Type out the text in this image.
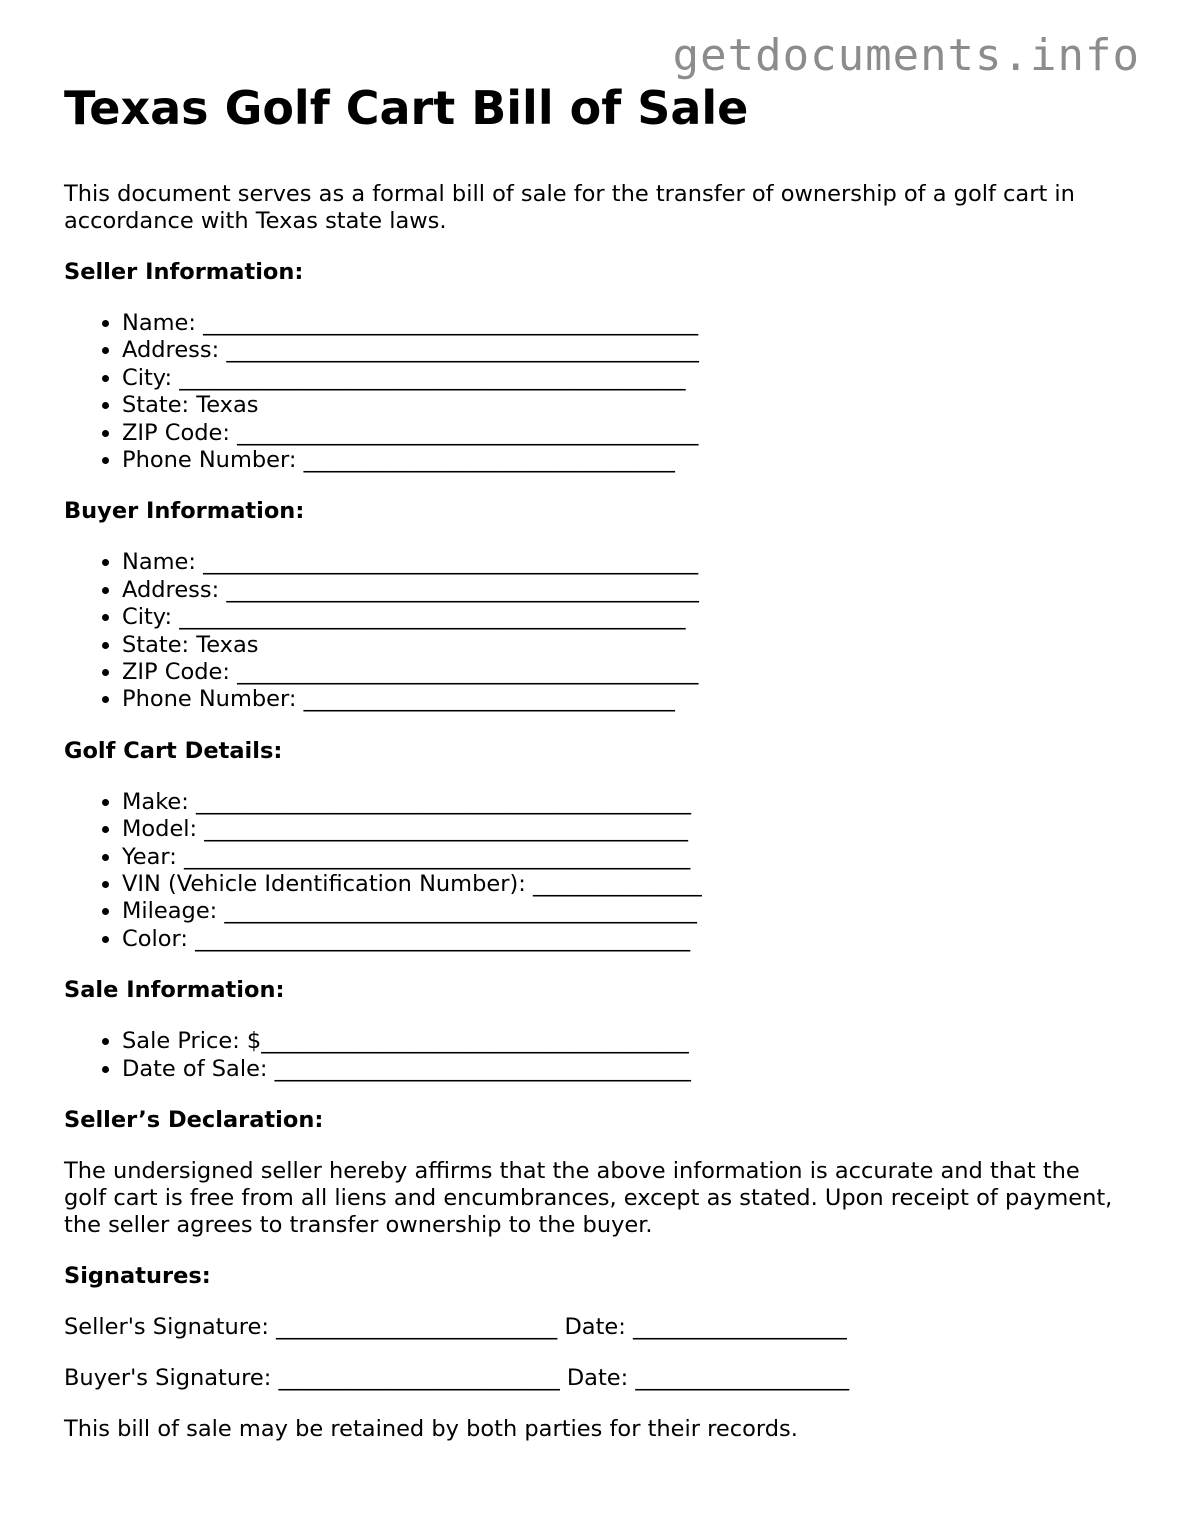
getdocuments.info
Texas Golf Cart Bill of Sale

This document serves as a formal bill of sale for the transfer of ownership of a golf cart in accordance with Texas state laws.

Seller Information:
• Name: ____________________________________________
• Address: __________________________________________
• City: _____________________________________________
• State: Texas
• ZIP Code: _________________________________________
• Phone Number: _________________________________
Buyer Information:
• Name: ____________________________________________
• Address: __________________________________________
• City: _____________________________________________
• State: Texas
• ZIP Code: _________________________________________
• Phone Number: _________________________________
Golf Cart Details:
• Make: ____________________________________________
• Model: ___________________________________________
• Year: _____________________________________________
• VIN (Vehicle Identification Number): _______________
• Mileage: __________________________________________
• Color: ____________________________________________
Sale Information:
• Sale Price: $______________________________________
• Date of Sale: _____________________________________
Seller’s Declaration:

The undersigned seller hereby affirms that the above information is accurate and that the golf cart is free from all liens and encumbrances, except as stated. Upon receipt of payment, the seller agrees to transfer ownership to the buyer.

Signatures:

Seller's Signature: _________________________ Date: ___________________

Buyer's Signature: _________________________ Date: ___________________

This bill of sale may be retained by both parties for their records.
